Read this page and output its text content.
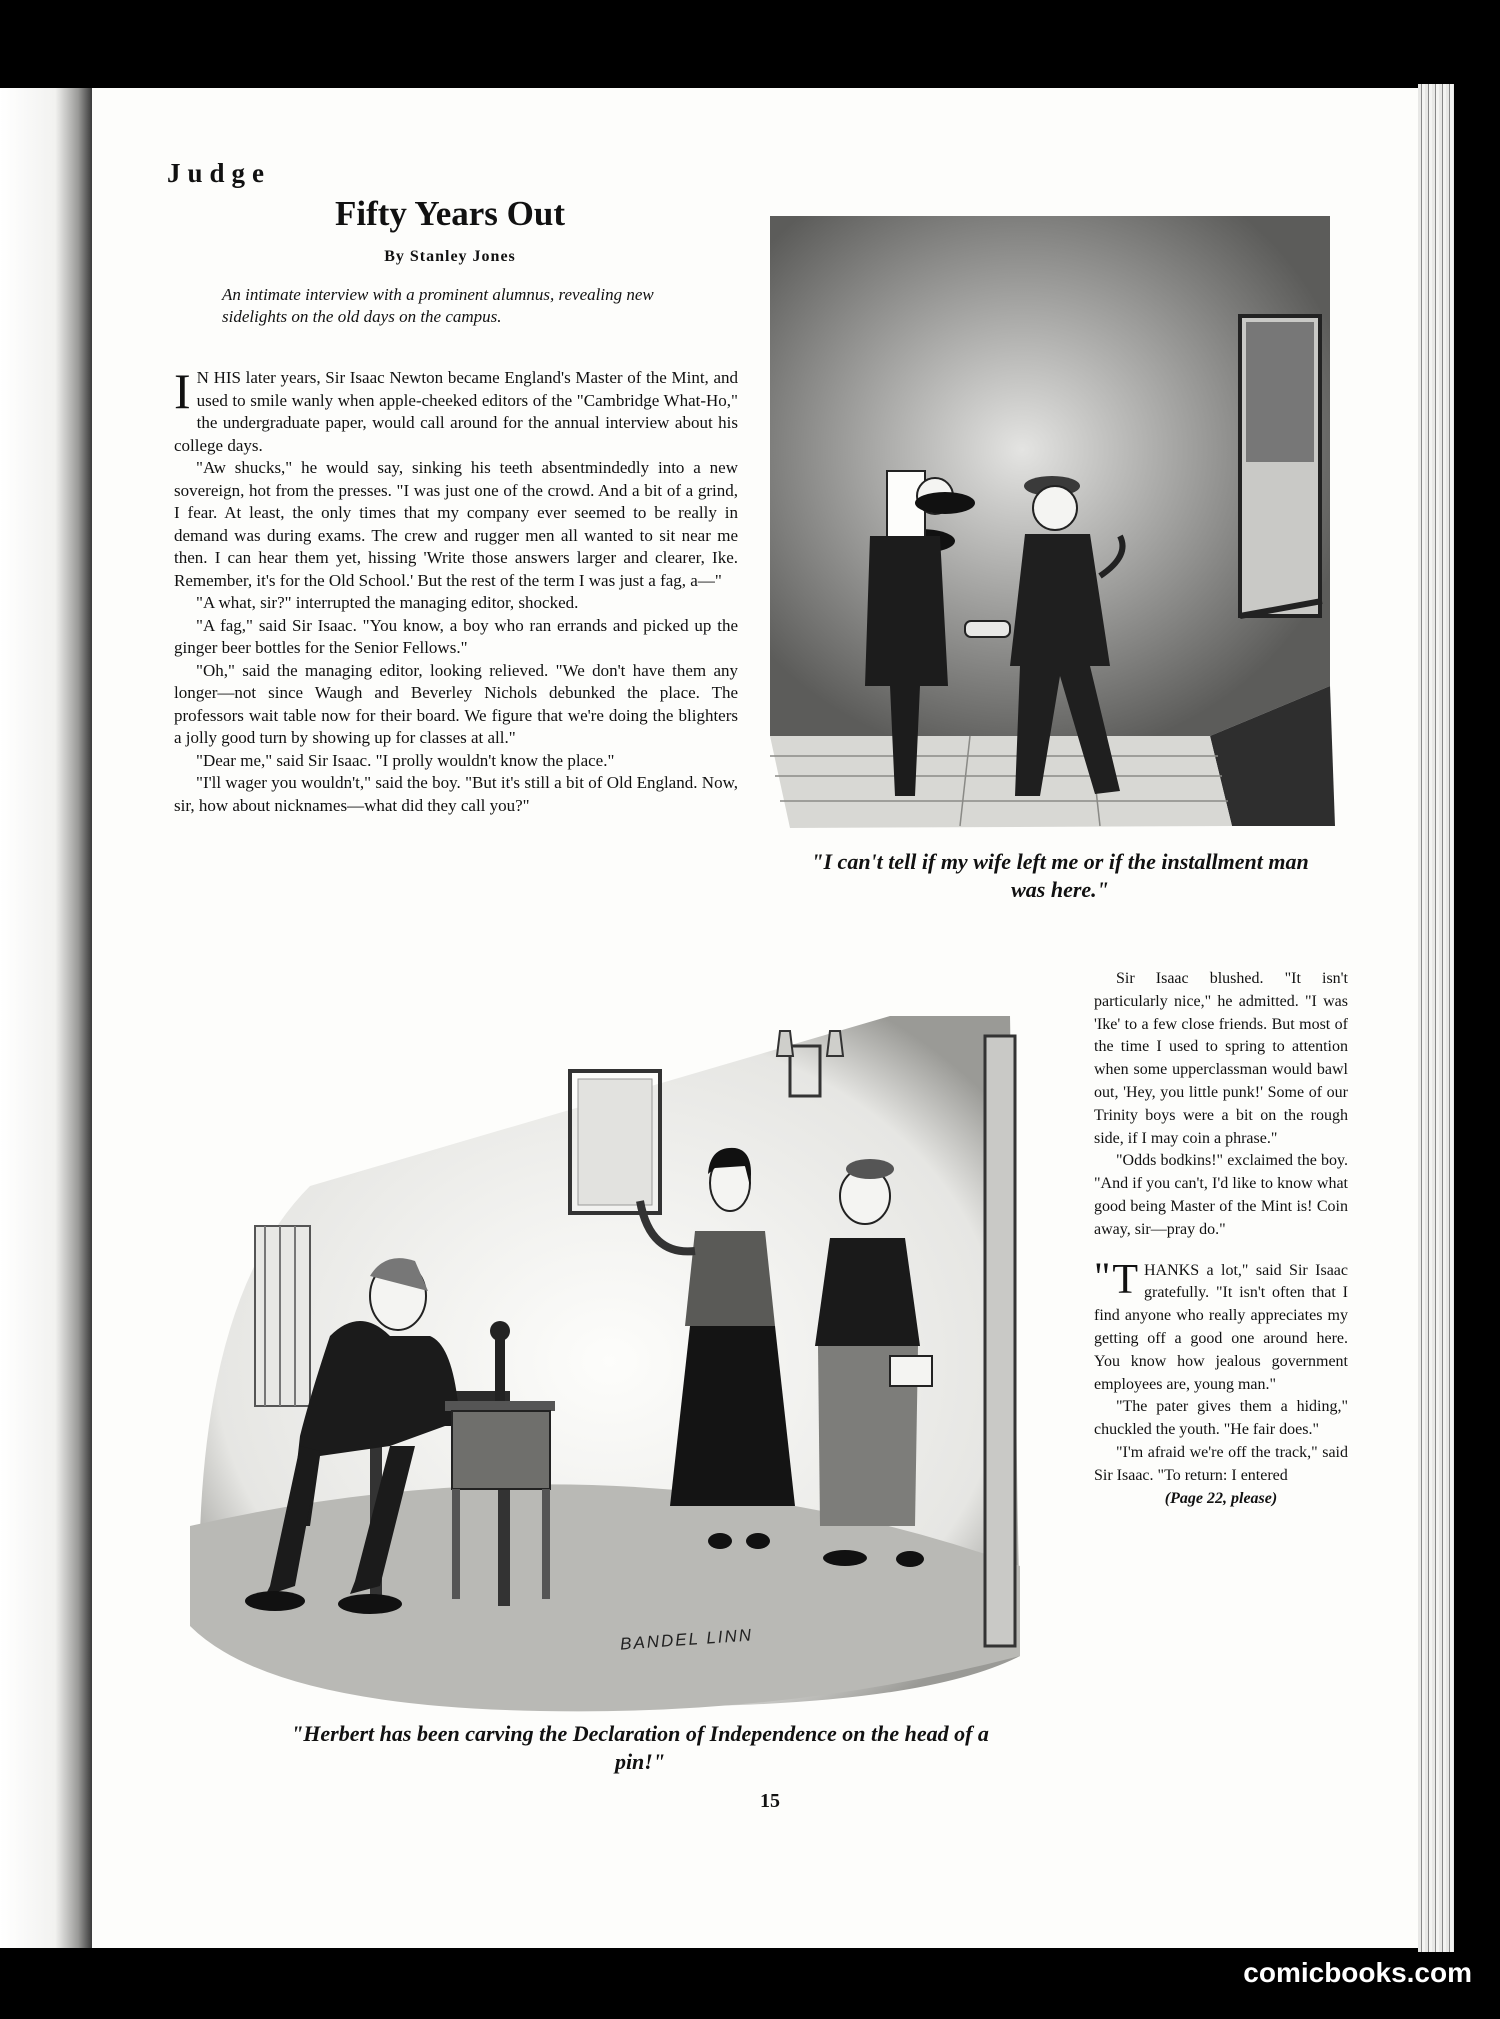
Judge
Fifty Years Out
By Stanley Jones
An intimate interview with a prominent alumnus, revealing new sidelights on the old days on the campus.

I N HIS later years, Sir Isaac Newton became England's Master of the Mint, and used to smile wanly when apple-cheeked editors of the "Cambridge What-Ho," the undergraduate paper, would call around for the annual interview about his college days.

"Aw shucks," he would say, sinking his teeth absentmindedly into a new sovereign, hot from the presses. "I was just one of the crowd. And a bit of a grind, I fear. At least, the only times that my company ever seemed to be really in demand was during exams. The crew and rugger men all wanted to sit near me then. I can hear them yet, hissing 'Write those answers larger and clearer, Ike. Remember, it's for the Old School.' But the rest of the term I was just a fag, a—"

"A what, sir?" interrupted the managing editor, shocked.

"A fag," said Sir Isaac. "You know, a boy who ran errands and picked up the ginger beer bottles for the Senior Fellows."

"Oh," said the managing editor, looking relieved. "We don't have them any longer—not since Waugh and Beverley Nichols debunked the place. The professors wait table now for their board. We figure that we're doing the blighters a jolly good turn by showing up for classes at all."

"Dear me," said Sir Isaac. "I prolly wouldn't know the place."

"I'll wager you wouldn't," said the boy. "But it's still a bit of Old England. Now, sir, how about nicknames—what did they call you?"

"I can't tell if my wife left me or if the installment man was here."
BANDEL LINN
"Herbert has been carving the Declaration of Independence on the head of a pin!"

Sir Isaac blushed. "It isn't particularly nice," he admitted. "I was 'Ike' to a few close friends. But most of the time I used to spring to attention when some upperclassman would bawl out, 'Hey, you little punk!' Some of our Trinity boys were a bit on the rough side, if I may coin a phrase."

"Odds bodkins!" exclaimed the boy. "And if you can't, I'd like to know what good being Master of the Mint is! Coin away, sir—pray do."

" T HANKS a lot," said Sir Isaac gratefully. "It isn't often that I find anyone who really appreciates my getting off a good one around here. You know how jealous government employees are, young man."

"The pater gives them a hiding," chuckled the youth. "He fair does."

"I'm afraid we're off the track," said Sir Isaac. "To return: I entered

(Page 22, please)
15
comicbooks.com
